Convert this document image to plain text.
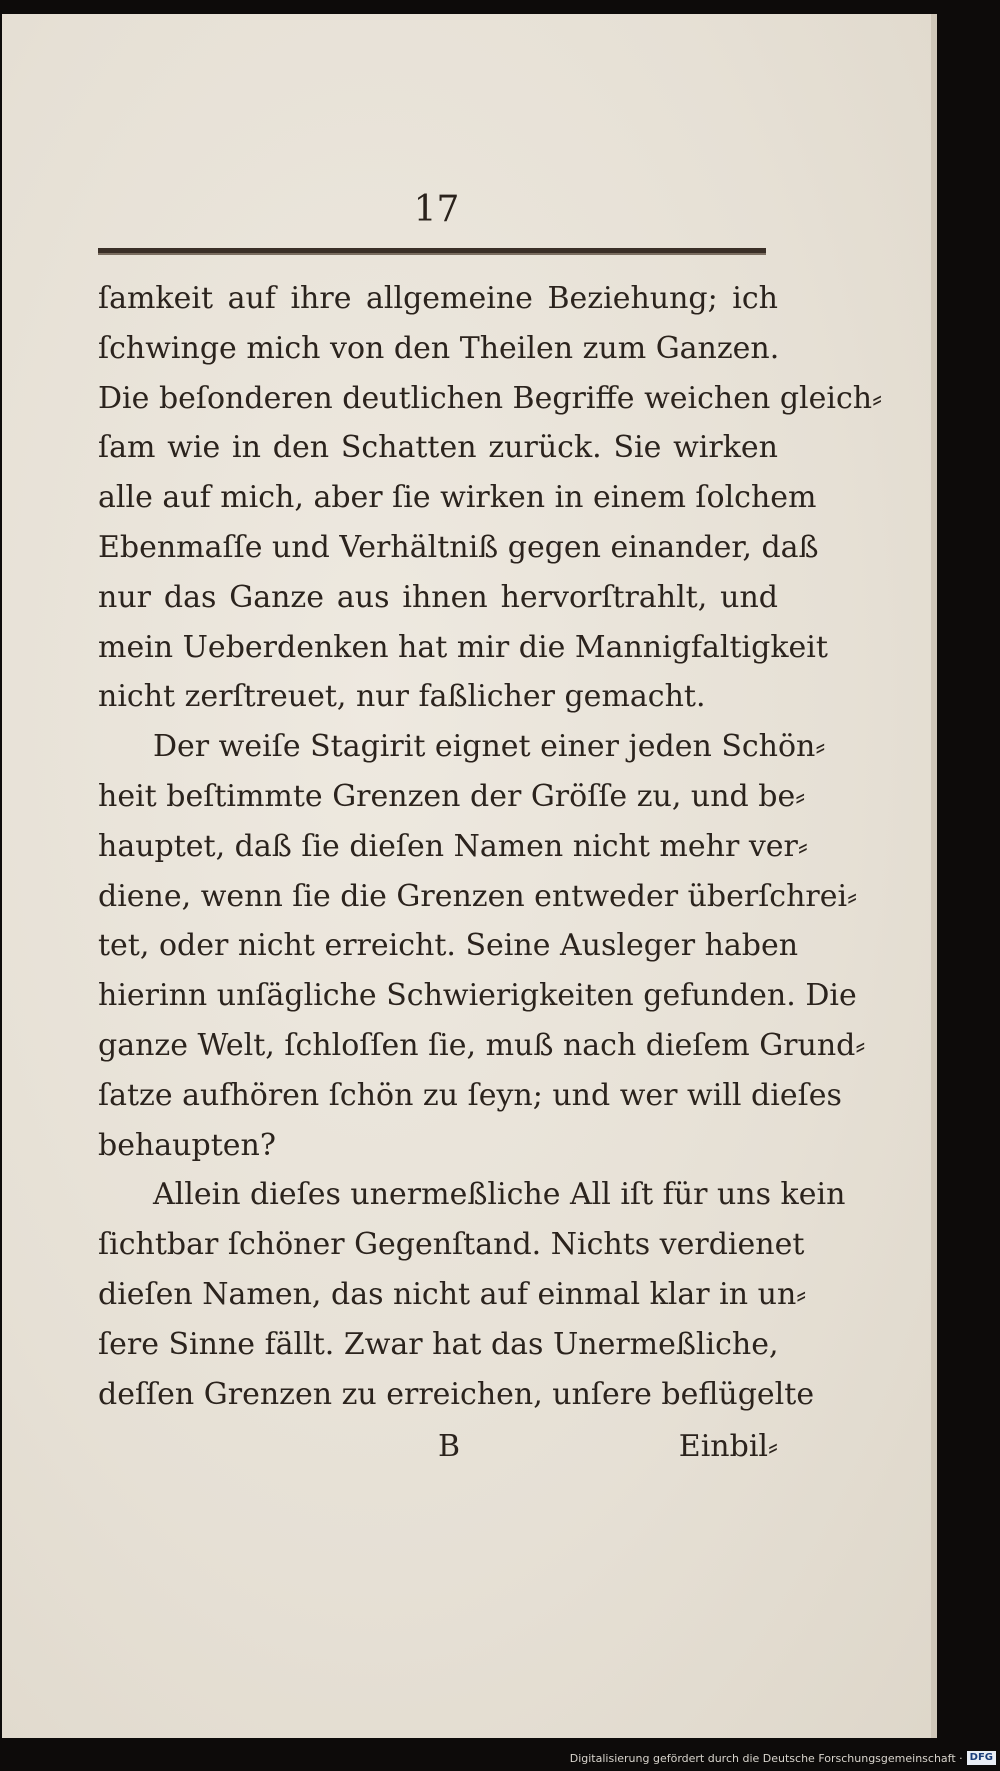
17
ſamkeit auf ihre allgemeine Beziehung; ich
ſchwinge mich von den Theilen zum Ganzen.
Die beſonderen deutlichen Begriffe weichen gleich⸗
ſam wie in den Schatten zurück. Sie wirken
alle auf mich, aber ſie wirken in einem ſolchem
Ebenmaſſe und Verhältniß gegen einander, daß
nur das Ganze aus ihnen hervorſtrahlt, und
mein Ueberdenken hat mir die Mannigfaltigkeit
nicht zerſtreuet, nur faßlicher gemacht.
Der weiſe Stagirit eignet einer jeden Schön⸗
heit beſtimmte Grenzen der Gröſſe zu, und be⸗
hauptet, daß ſie dieſen Namen nicht mehr ver⸗
diene, wenn ſie die Grenzen entweder überſchrei⸗
tet, oder nicht erreicht. Seine Ausleger haben
hierinn unſägliche Schwierigkeiten gefunden. Die
ganze Welt, ſchloſſen ſie, muß nach dieſem Grund⸗
ſatze aufhören ſchön zu ſeyn; und wer will dieſes
behaupten?
Allein dieſes unermeßliche All iſt für uns kein
ſichtbar ſchöner Gegenſtand. Nichts verdienet
dieſen Namen, das nicht auf einmal klar in un⸗
ſere Sinne fällt. Zwar hat das Unermeßliche,
deſſen Grenzen zu erreichen, unſere beflügelte
B	Einbil⸗
Digitalisierung gefördert durch die Deutsche Forschungsgemeinschaft · DFG
